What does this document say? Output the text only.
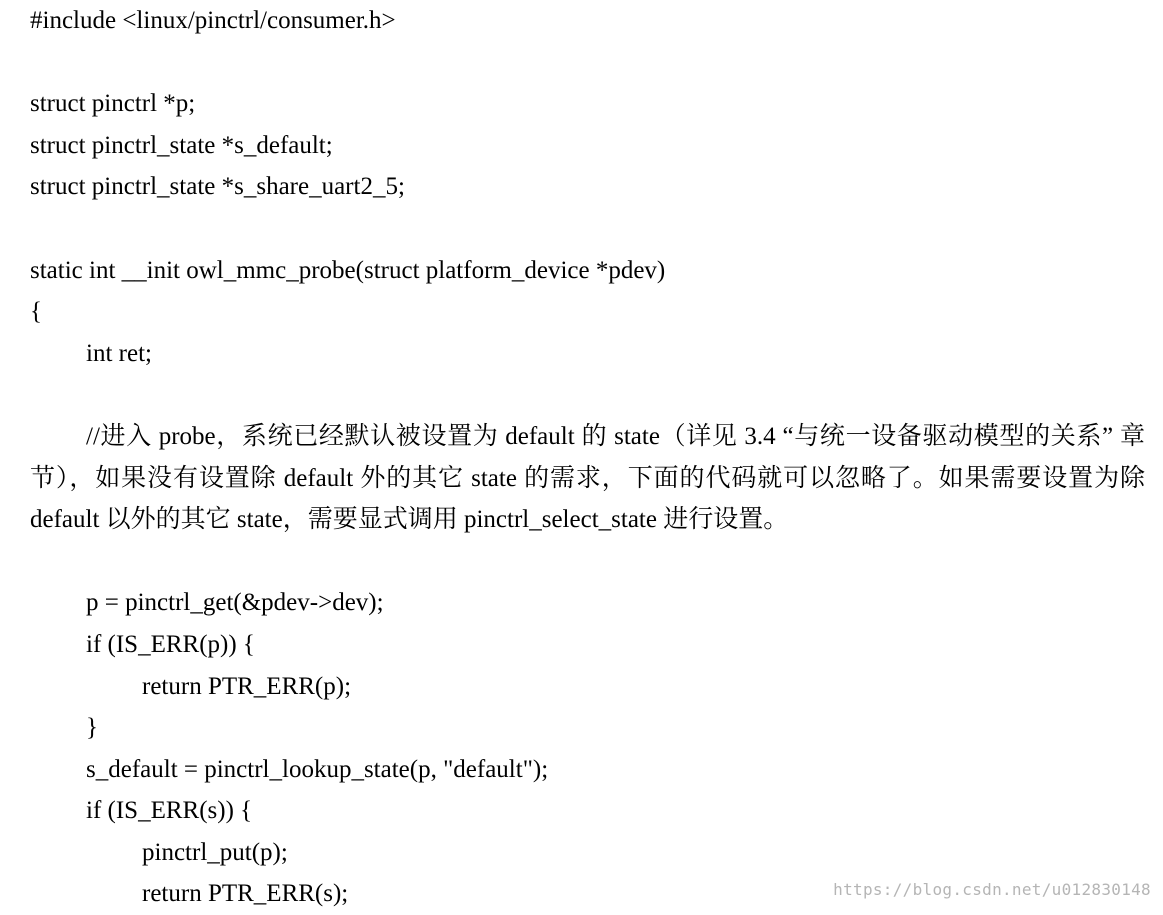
#include <linux/pinctrl/consumer.h>
struct pinctrl *p;
struct pinctrl_state *s_default;
struct pinctrl_state *s_share_uart2_5;
static int __init owl_mmc_probe(struct platform_device *pdev)
{
int ret;

//进入 probe，系统已经默认被设置为 default 的 state（详见 3.4 “与统一设备驱动模型的关系” 章节），如果没有设置除 default 外的其它 state 的需求，下面的代码就可以忽略了。如果需要设置为除 default 以外的其它 state，需要显式调用 pinctrl_select_state 进行设置。

p = pinctrl_get(&pdev->dev);
if (IS_ERR(p)) {
return PTR_ERR(p);
}
s_default = pinctrl_lookup_state(p, "default");
if (IS_ERR(s)) {
pinctrl_put(p);
return PTR_ERR(s);	https://blog.csdn.net/u012830148
